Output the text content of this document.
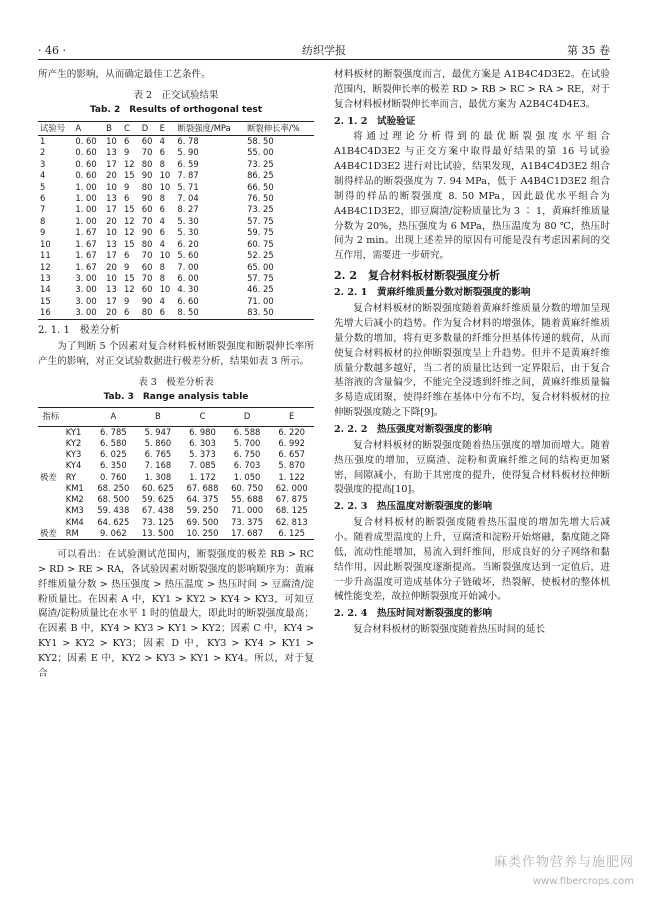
· 46 ·	纺织学报	第 35 卷

所产生的影响，从而确定最佳工艺条件。

表 2　正交试验结果
Tab. 2　Results of orthogonal test
试验号	A	B	C	D	E	断裂强度/MPa	断裂伸长率/%
1	0. 60	10	6	60	4	6. 78	58. 50
2	0. 60	13	9	70	6	5. 90	55. 00
3	0. 60	17	12	80	8	6. 59	73. 25
4	0. 60	20	15	90	10	7. 87	86. 25
5	1. 00	10	9	80	10	5. 71	66. 50
6	1. 00	13	6	90	8	7. 04	76. 50
7	1. 00	17	15	60	6	8. 27	73. 25
8	1. 00	20	12	70	4	5. 30	57. 75
9	1. 67	10	12	90	6	5. 30	59. 75
10	1. 67	13	15	80	4	6. 20	60. 75
11	1. 67	17	6	70	10	5. 60	52. 25
12	1. 67	20	9	60	8	7. 00	65. 00
13	3. 00	10	15	70	8	6. 00	57. 75
14	3. 00	13	12	60	10	4. 30	46. 25
15	3. 00	17	9	90	4	6. 60	71. 00
16	3. 00	20	6	80	6	8. 50	83. 50
2. 1. 1　极差分析

为了判断 5 个因素对复合材料板材断裂强度和断裂伸长率所产生的影响，对正交试验数据进行极差分析，结果如表 3 所示。

表 3　极差分析表
Tab. 3　Range analysis table
指标		A	B	C	D	E
	KY1	6. 785	5. 947	6. 980	6. 588	6. 220
	KY2	6. 580	5. 860	6. 303	5. 700	6. 992
	KY3	6. 025	6. 765	5. 373	6. 750	6. 657
	KY4	6. 350	7. 168	7. 085	6. 703	5. 870
极差	RY	0. 760	1. 308	1. 172	1. 050	1. 122
	KM1	68. 250	60. 625	67. 688	60. 750	62. 000
	KM2	68. 500	59. 625	64. 375	55. 688	67. 875
	KM3	59. 438	67. 438	59. 250	71. 000	68. 125
	KM4	64. 625	73. 125	69. 500	73. 375	62. 813
极差	RM	9. 062	13. 500	10. 250	17. 687	6. 125

可以看出：在试验测试范围内，断裂强度的极差 RB > RC > RD > RE > RA，各试验因素对断裂强度的影响顺序为：黄麻纤维质量分数 > 热压强度 > 热压温度 > 热压时间 > 豆腐渣/淀粉质量比。在因素 A 中，KY1 > KY2 > KY4 > KY3，可知豆腐渣/淀粉质量比在水平 1 时的值最大，即此时的断裂强度最高；在因素 B 中，KY4 > KY3 > KY1 > KY2；因素 C 中，KY4 > KY1 > KY2 > KY3；因素 D 中，KY3 > KY4 > KY1 > KY2；因素 E 中，KY2 > KY3 > KY1 > KY4。所以，对于复合

材料板材的断裂强度而言，最优方案是 A1B4C4D3E2。在试验范围内，断裂伸长率的极差 RD > RB > RC > RA > RE，对于复合材料板材断裂伸长率而言，最优方案为 A2B4C4D4E3。

2. 1. 2　试验验证

将通过理论分析得到的最优断裂强度水平组合 A1B4C4D3E2 与正交方案中取得最好结果的第 16 号试验 A4B4C1D3E2 进行对比试验，结果发现，A1B4C4D3E2 组合制得样品的断裂强度为 7. 94 MPa，低于 A4B4C1D3E2 组合制得的样品的断裂强度 8. 50 MPa，因此最优水平组合为 A4B4C1D3E2，即豆腐渣/淀粉质量比为 3 ∶ 1，黄麻纤维质量分数为 20%，热压强度为 6 MPa，热压温度为 80 ℃，热压时间为 2 min。出现上述差异的原因有可能是没有考虑因素间的交互作用，需要进一步研究。

2. 2　复合材料板材断裂强度分析
2. 2. 1　黄麻纤维质量分数对断裂强度的影响

复合材料板材的断裂强度随着黄麻纤维质量分数的增加呈现先增大后减小的趋势。作为复合材料的增强体，随着黄麻纤维质量分数的增加，将有更多数量的纤维分担基体传递的载荷，从而使复合材料板材的拉伸断裂强度呈上升趋势。但并不是黄麻纤维质量分数越多越好，当二者的质量比达到一定界限后，由于复合基溶液的含量偏少，不能完全浸透到纤维之间，黄麻纤维质量偏多易造成团聚，使得纤维在基体中分布不均，复合材料板材的拉伸断裂强度随之下降[9]。

2. 2. 2　热压强度对断裂强度的影响

复合材料板材的断裂强度随着热压强度的增加而增大。随着热压强度的增加，豆腐渣、淀粉和黄麻纤维之间的结构更加紧密，间隙减小，有助于其密度的提升，使得复合材料板材拉伸断裂强度的提高[10]。

2. 2. 3　热压温度对断裂强度的影响

复合材料板材的断裂强度随着热压温度的增加先增大后减小。随着成型温度的上升，豆腐渣和淀粉开始熔融，黏度随之降低，流动性能增加，易流入到纤维间，形成良好的分子网络和黏结作用，因此断裂强度逐渐提高。当断裂强度达到一定值后，进一步升高温度可造成基体分子链破坏，热裂解，使板材的整体机械性能变差，故拉伸断裂强度开始减小。

2. 2. 4　热压时间对断裂强度的影响

复合材料板材的断裂强度随着热压时间的延长

麻类作物营养与施肥网
www.fibercrops.com
